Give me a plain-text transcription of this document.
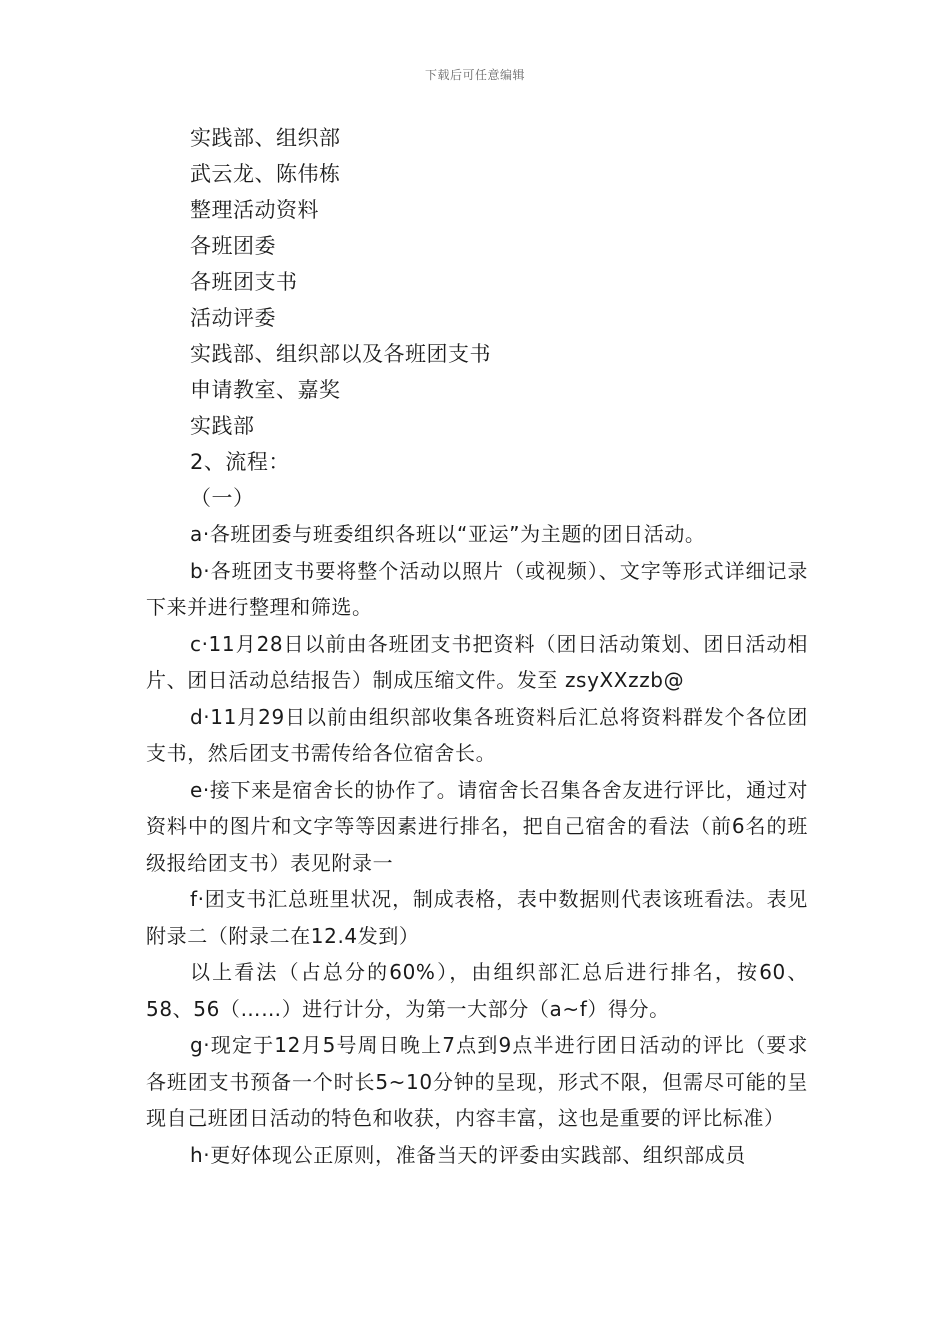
下载后可任意编辑
实践部、组织部
武云龙、陈伟栋
整理活动资料
各班团委
各班团支书
活动评委
实践部、组织部以及各班团支书
申请教室、嘉奖
实践部
2、流程：
（一）

a·各班团委与班委组织各班以“亚运”为主题的团日活动。

b·各班团支书要将整个活动以照片（或视频）、文字等形式详细记录下来并进行整理和筛选。

c·11月28日以前由各班团支书把资料（团日活动策划、团日活动相片、团日活动总结报告）制成压缩文件。发至 zsyXXzzb@

d·11月29日以前由组织部收集各班资料后汇总将资料群发个各位团支书，然后团支书需传给各位宿舍长。

e·接下来是宿舍长的协作了。请宿舍长召集各舍友进行评比，通过对资料中的图片和文字等等因素进行排名，把自己宿舍的看法（前6名的班级报给团支书）表见附录一

f·团支书汇总班里状况，制成表格，表中数据则代表该班看法。表见附录二（附录二在12.4发到）

以上看法（占总分的60%），由组织部汇总后进行排名，按60、58、56（……）进行计分，为第一大部分（a~f）得分。

g·现定于12月5号周日晚上7点到9点半进行团日活动的评比（要求各班团支书预备一个时长5~10分钟的呈现，形式不限，但需尽可能的呈现自己班团日活动的特色和收获，内容丰富，这也是重要的评比标准）

h·更好体现公正原则，准备当天的评委由实践部、组织部成员
